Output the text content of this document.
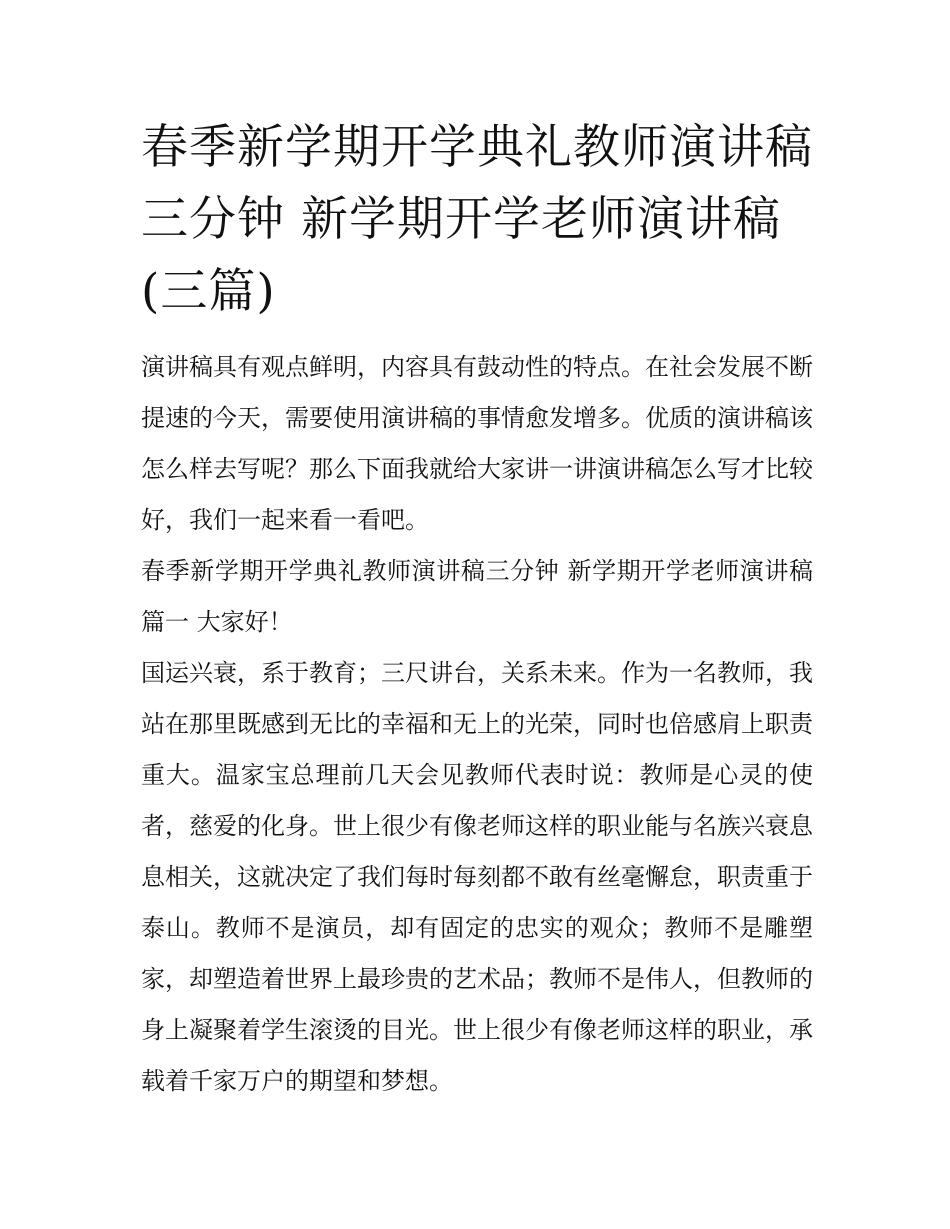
春季新学期开学典礼教师演讲稿三分钟 新学期开学老师演讲稿(三篇)

演讲稿具有观点鲜明，内容具有鼓动性的特点。在社会发展不断提速的今天，需要使用演讲稿的事情愈发增多。优质的演讲稿该怎么样去写呢？那么下面我就给大家讲一讲演讲稿怎么写才比较好，我们一起来看一看吧。

春季新学期开学典礼教师演讲稿三分钟 新学期开学老师演讲稿篇一 大家好！

国运兴衰，系于教育；三尺讲台，关系未来。作为一名教师，我站在那里既感到无比的幸福和无上的光荣，同时也倍感肩上职责重大。温家宝总理前几天会见教师代表时说：教师是心灵的使者，慈爱的化身。世上很少有像老师这样的职业能与名族兴衰息息相关，这就决定了我们每时每刻都不敢有丝毫懈怠，职责重于泰山。教师不是演员，却有固定的忠实的观众；教师不是雕塑家，却塑造着世界上最珍贵的艺术品；教师不是伟人，但教师的身上凝聚着学生滚烫的目光。世上很少有像老师这样的职业，承载着千家万户的期望和梦想。
